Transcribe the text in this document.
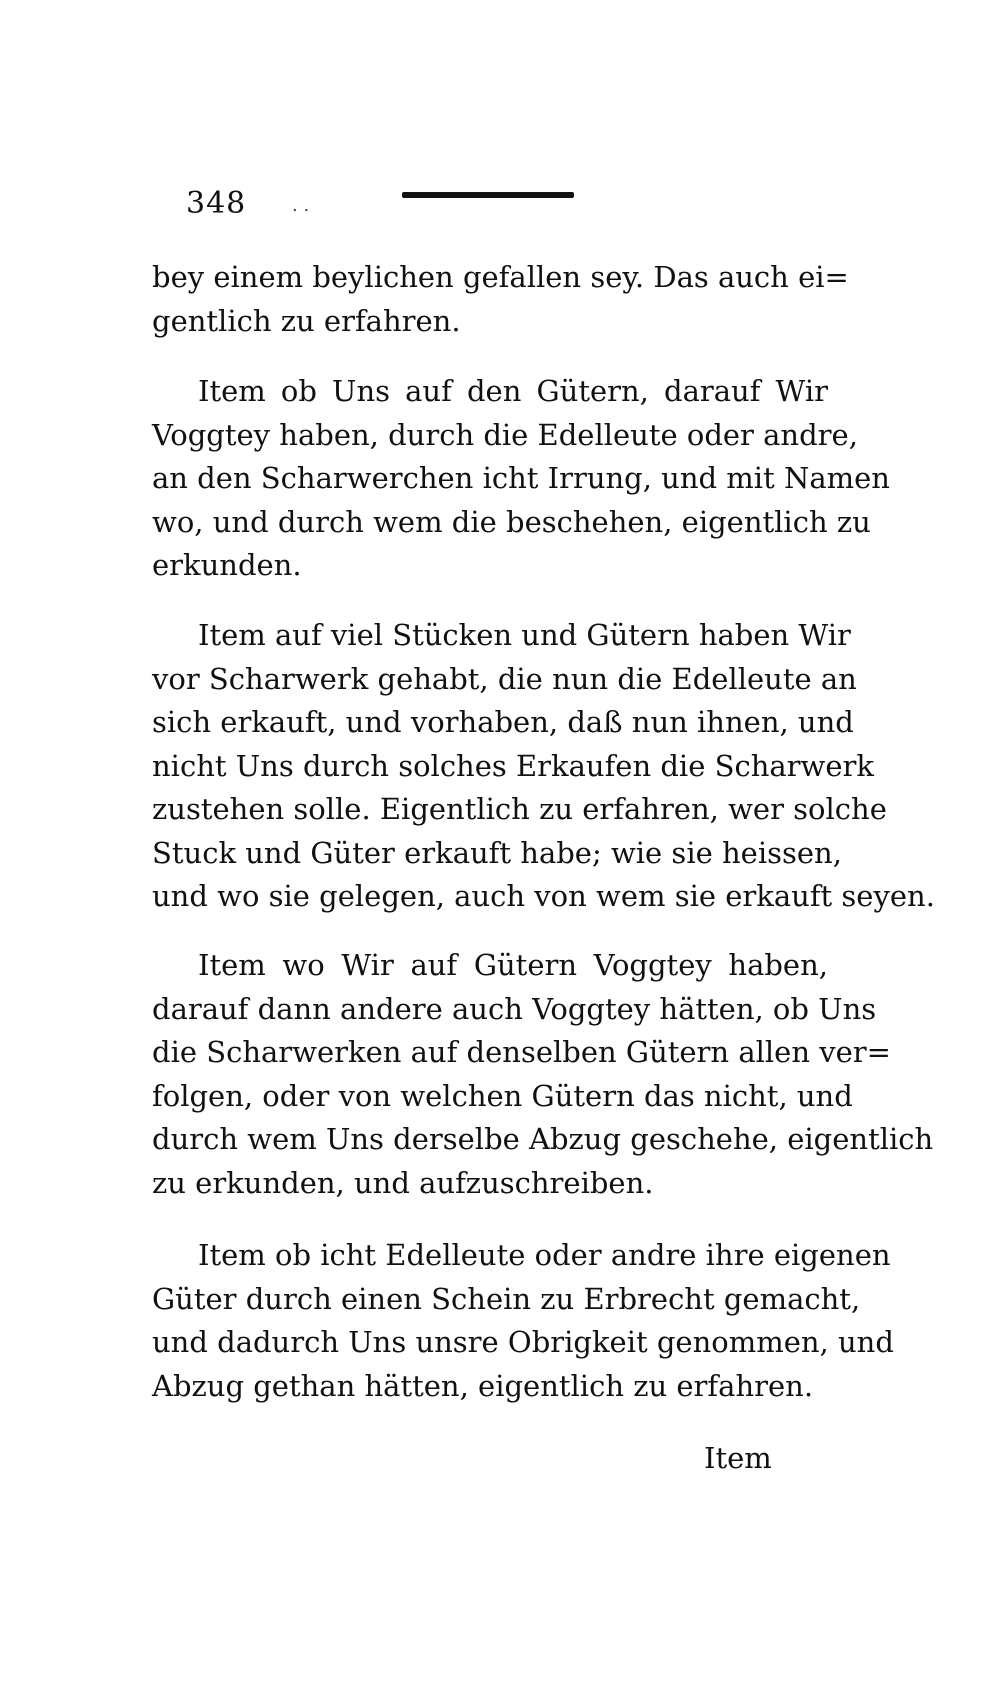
348	. .

bey einem beylichen gefallen sey. Das auch ei=
gentlich zu erfahren.

Item ob Uns auf den Gütern, darauf Wir
Voggtey haben, durch die Edelleute oder andre,
an den Scharwerchen icht Irrung, und mit Namen
wo, und durch wem die beschehen, eigentlich zu
erkunden.

Item auf viel Stücken und Gütern haben Wir
vor Scharwerk gehabt, die nun die Edelleute an
sich erkauft, und vorhaben, daß nun ihnen, und
nicht Uns durch solches Erkaufen die Scharwerk
zustehen solle. Eigentlich zu erfahren, wer solche
Stuck und Güter erkauft habe; wie sie heissen,
und wo sie gelegen, auch von wem sie erkauft seyen.

Item wo Wir auf Gütern Voggtey haben,
darauf dann andere auch Voggtey hätten, ob Uns
die Scharwerken auf denselben Gütern allen ver=
folgen, oder von welchen Gütern das nicht, und
durch wem Uns derselbe Abzug geschehe, eigentlich
zu erkunden, und aufzuschreiben.

Item ob icht Edelleute oder andre ihre eigenen
Güter durch einen Schein zu Erbrecht gemacht,
und dadurch Uns unsre Obrigkeit genommen, und
Abzug gethan hätten, eigentlich zu erfahren.

Item
